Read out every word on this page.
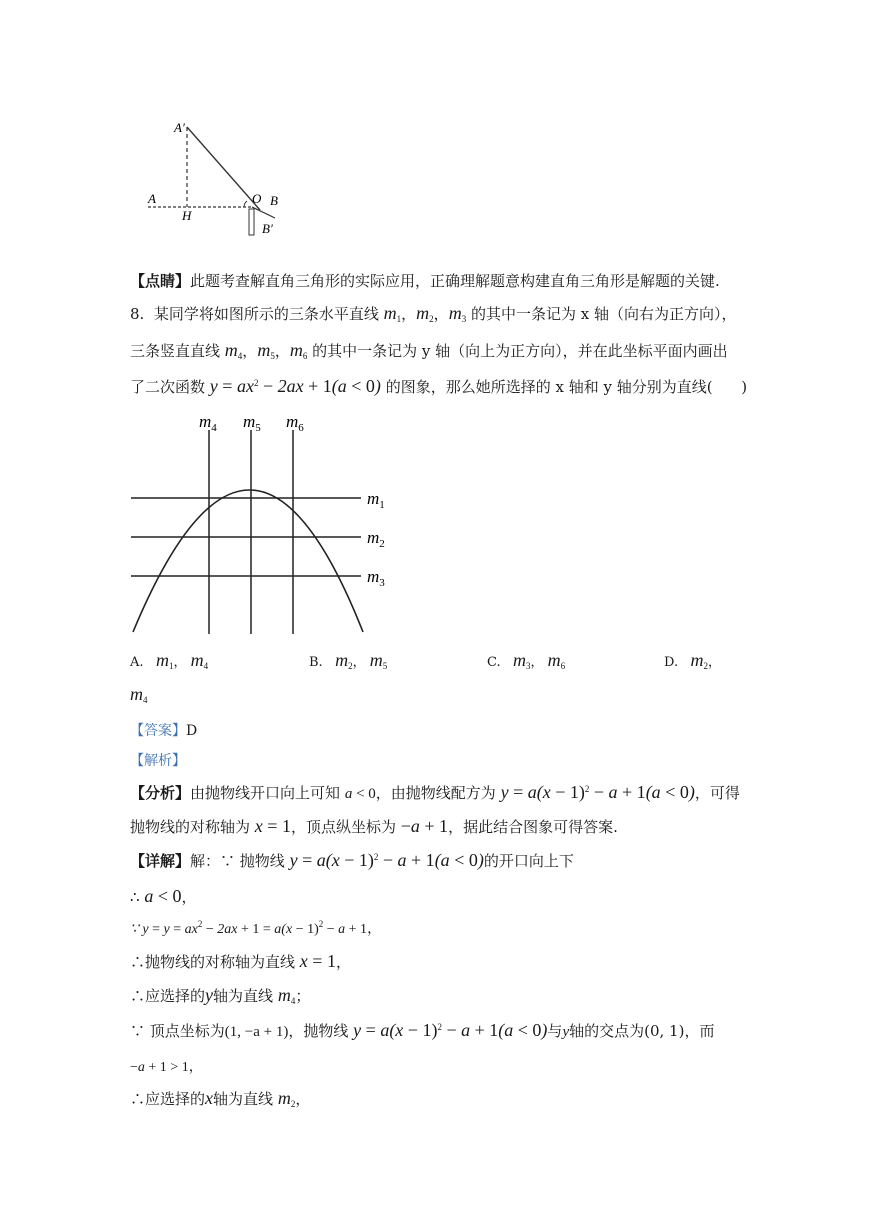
A′
A
H
O B
B′
【点睛】此题考查解直角三角形的实际应用，正确理解题意构建直角三角形是解题的关键.
8. 某同学将如图所示的三条水平直线 $m_1$，$m_2$，$m_3$ 的其中一条记为 x 轴（向右为正方向），
三条竖直直线 $m_4$，$m_5$，$m_6$ 的其中一条记为 y 轴（向上为正方向），并在此坐标平面内画出
了二次函数 $y = ax^2 - 2ax + 1(a < 0)$ 的图象，那么她所选择的 x 轴和 y 轴分别为直线( )
$m_4$ $m_5$ $m_6$
$m_1$
$m_2$
$m_3$
A. $m_1$， $m_4$	B. $m_2$， $m_5$	C. $m_3$， $m_6$	D. $m_2$，
$m_4$
【答案】D
【解析】
【分析】由抛物线开口向上可知 a < 0，由抛物线配方为 $y = a(x - 1)^2 - a + 1(a < 0)$，可得
抛物线的对称轴为 x = 1，顶点纵坐标为 −a + 1，据此结合图象可得答案.
【详解】解：∵ 抛物线 $y = a(x - 1)^2 - a + 1(a < 0)$的开口向上下
∴ a < 0，
∵ $y = y = ax^2 - 2ax + 1 = a(x - 1)^2 - a + 1$，
∴抛物线的对称轴为直线 x = 1，
∴应选择的y轴为直线 $m_4$；
∵ 顶点坐标为(1, −a + 1)，抛物线 $y = a(x - 1)^2 - a + 1(a < 0)$与y轴的交点为(0, 1)，而
−a + 1 > 1，
∴应选择的x轴为直线 $m_2$，
